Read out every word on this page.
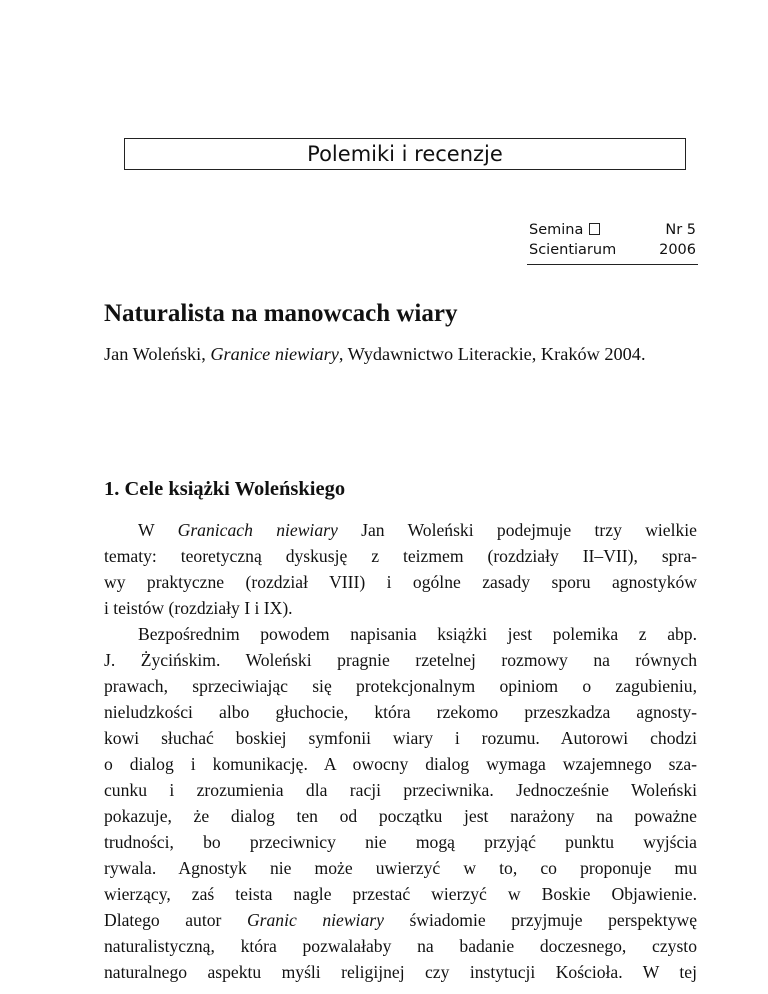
Polemiki i recenzje
Semina	Nr 5
Scientiarum	2006
Naturalista na manowcach wiary

Jan Woleński, Granice niewiary, Wydawnictwo Literackie, Kraków 2004.

1. Cele książki Woleńskiego
W Granicach niewiary Jan Woleński podejmuje trzy wielkie
tematy: teoretyczną dyskusję z teizmem (rozdziały II–VII), spra-
wy praktyczne (rozdział VIII) i ogólne zasady sporu agnostyków
i teistów (rozdziały I i IX).
Bezpośrednim powodem napisania książki jest polemika z abp.
J. Życińskim. Woleński pragnie rzetelnej rozmowy na równych
prawach, sprzeciwiając się protekcjonalnym opiniom o zagubieniu,
nieludzkości albo głuchocie, która rzekomo przeszkadza agnosty-
kowi słuchać boskiej symfonii wiary i rozumu. Autorowi chodzi
o dialog i komunikację. A owocny dialog wymaga wzajemnego sza-
cunku i zrozumienia dla racji przeciwnika. Jednocześnie Woleński
pokazuje, że dialog ten od początku jest narażony na poważne
trudności, bo przeciwnicy nie mogą przyjąć punktu wyjścia
rywala. Agnostyk nie może uwierzyć w to, co proponuje mu
wierzący, zaś teista nagle przestać wierzyć w Boskie Objawienie.
Dlatego autor Granic niewiary świadomie przyjmuje perspektywę
naturalistyczną, która pozwalałaby na badanie doczesnego, czysto
naturalnego aspektu myśli religijnej czy instytucji Kościoła. W tej
